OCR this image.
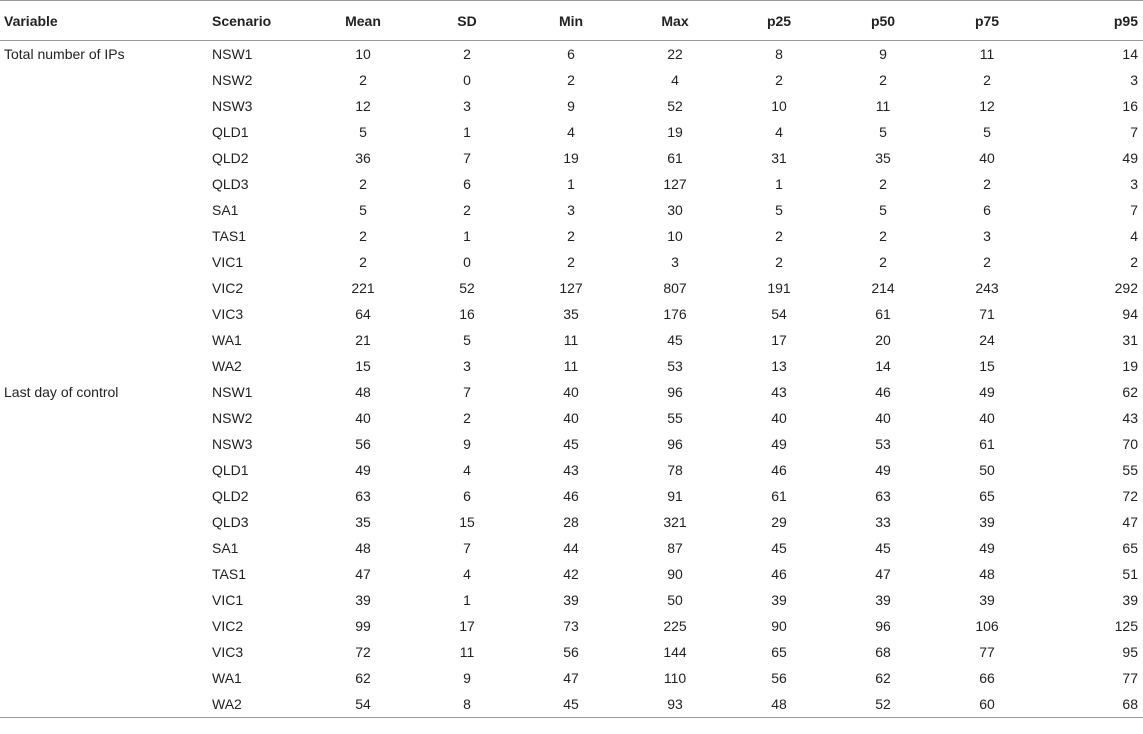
Variable	Scenario	Mean	SD	Min	Max	p25	p50	p75	p95
Total number of IPs	NSW1	10	2	6	22	8	9	11	14
	NSW2	2	0	2	4	2	2	2	3
	NSW3	12	3	9	52	10	11	12	16
	QLD1	5	1	4	19	4	5	5	7
	QLD2	36	7	19	61	31	35	40	49
	QLD3	2	6	1	127	1	2	2	3
	SA1	5	2	3	30	5	5	6	7
	TAS1	2	1	2	10	2	2	3	4
	VIC1	2	0	2	3	2	2	2	2
	VIC2	221	52	127	807	191	214	243	292
	VIC3	64	16	35	176	54	61	71	94
	WA1	21	5	11	45	17	20	24	31
	WA2	15	3	11	53	13	14	15	19
Last day of control	NSW1	48	7	40	96	43	46	49	62
	NSW2	40	2	40	55	40	40	40	43
	NSW3	56	9	45	96	49	53	61	70
	QLD1	49	4	43	78	46	49	50	55
	QLD2	63	6	46	91	61	63	65	72
	QLD3	35	15	28	321	29	33	39	47
	SA1	48	7	44	87	45	45	49	65
	TAS1	47	4	42	90	46	47	48	51
	VIC1	39	1	39	50	39	39	39	39
	VIC2	99	17	73	225	90	96	106	125
	VIC3	72	11	56	144	65	68	77	95
	WA1	62	9	47	110	56	62	66	77
	WA2	54	8	45	93	48	52	60	68
